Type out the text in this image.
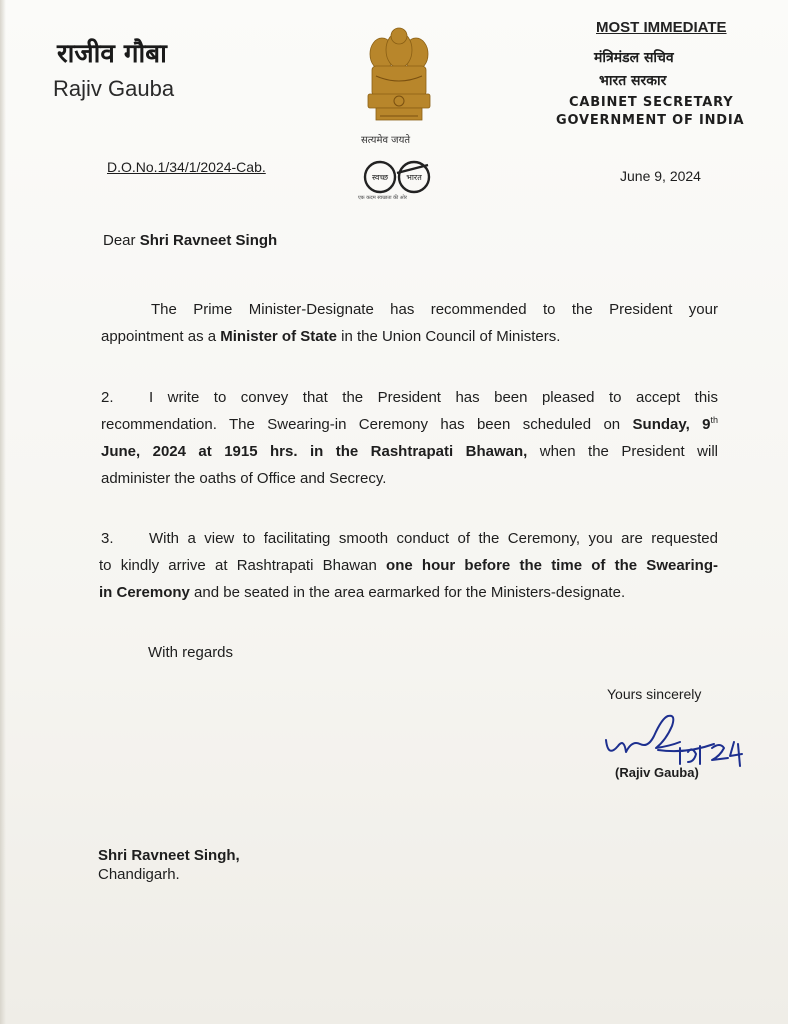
राजीव गौबा
Rajiv Gauba
सत्यमेव जयते
स्वच्छ भारत
एक कदम स्वच्छता की ओर
MOST IMMEDIATE
मंत्रिमंडल सचिव
भारत सरकार
CABINET SECRETARY
GOVERNMENT OF INDIA
D.O.No.1/34/1/2024-Cab.
June 9, 2024
Dear Shri Ravneet Singh
The Prime Minister-Designate has recommended to the President your
appointment as a Minister of State in the Union Council of Ministers.
2. I write to convey that the President has been pleased to accept this
recommendation. The Swearing-in Ceremony has been scheduled on Sunday, 9th
June, 2024 at 1915 hrs. in the Rashtrapati Bhawan, when the President will
administer the oaths of Office and Secrecy.
3. With a view to facilitating smooth conduct of the Ceremony, you are requested
to kindly arrive at Rashtrapati Bhawan one hour before the time of the Swearing-
in Ceremony and be seated in the area earmarked for the Ministers-designate.
With regards
Yours sincerely
(Rajiv Gauba)
Shri Ravneet Singh,
Chandigarh.
